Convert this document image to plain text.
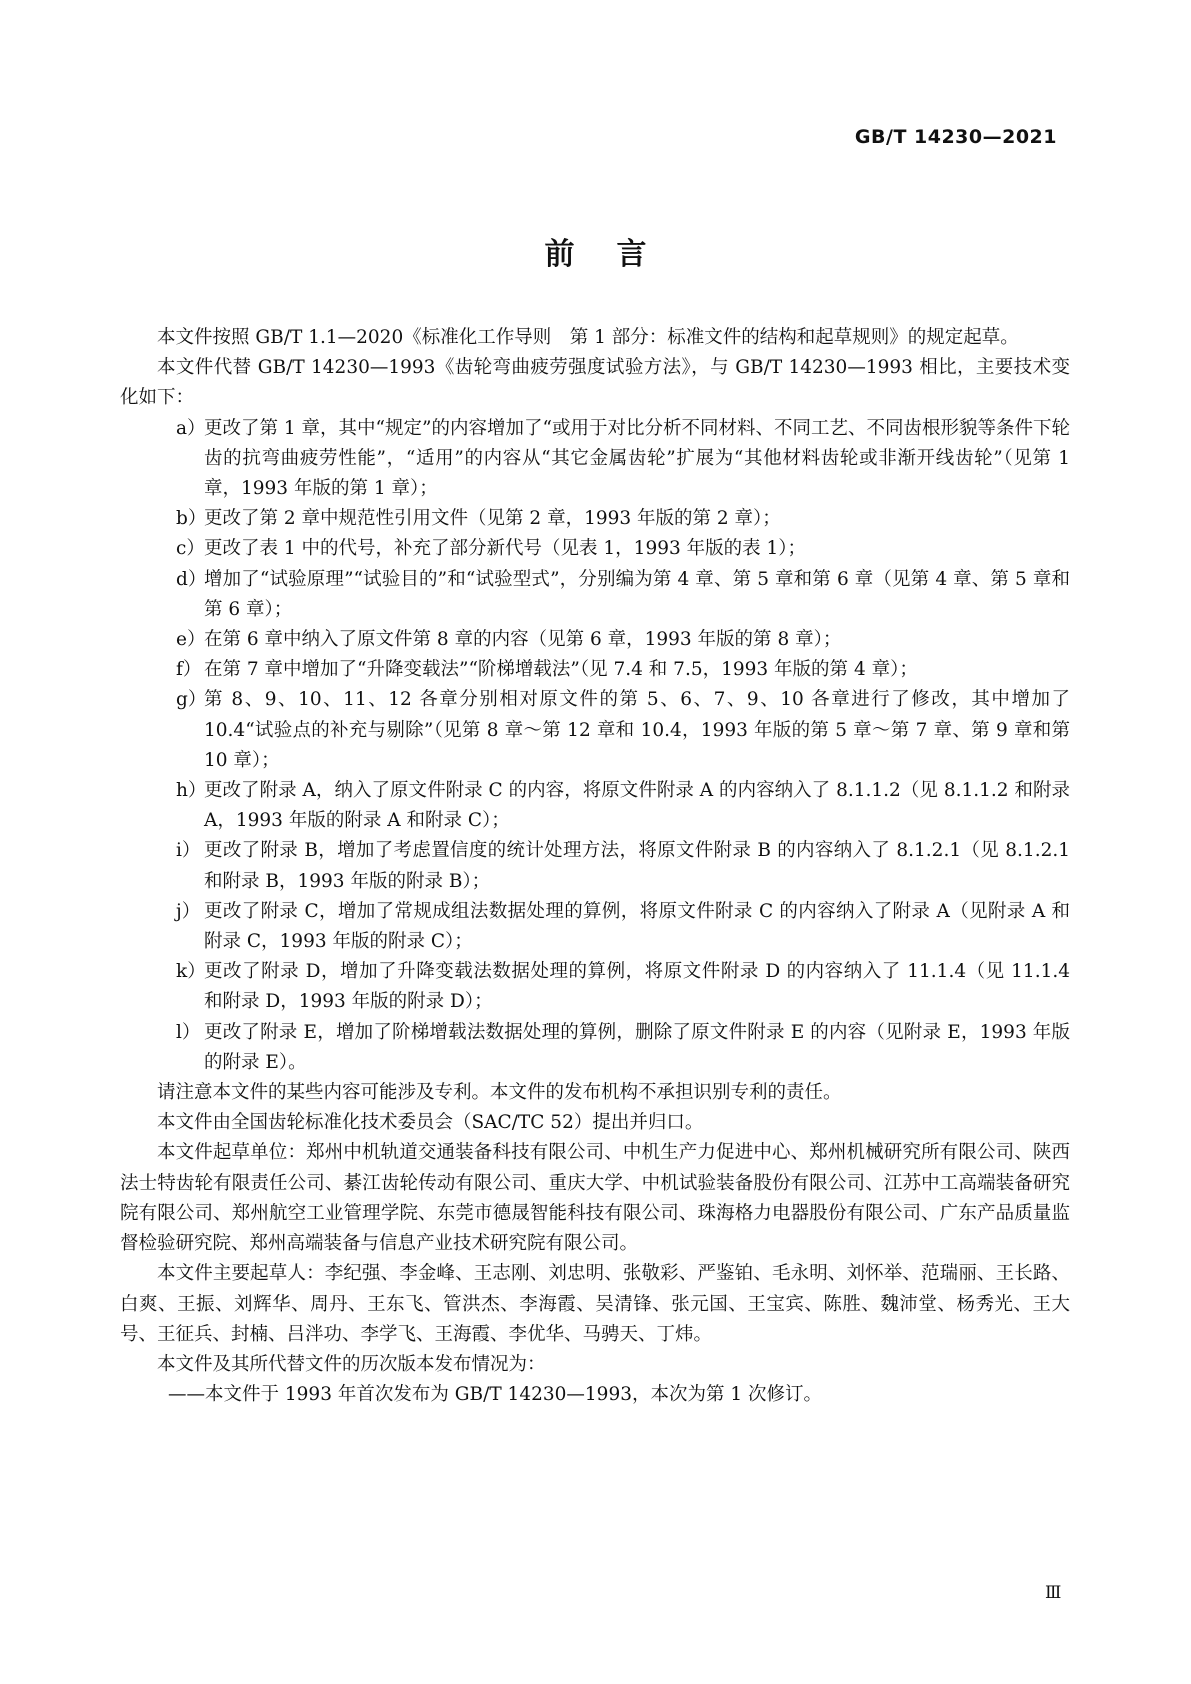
GB/T 14230—2021
前言

本文件按照 GB/T 1.1—2020《标准化工作导则　第 1 部分：标准文件的结构和起草规则》的规定起草。

本文件代替 GB/T 14230—1993《齿轮弯曲疲劳强度试验方法》，与 GB/T 14230—1993 相比，主要技术变化如下：

a）
更改了第 1 章，其中“规定”的内容增加了“或用于对比分析不同材料、不同工艺、不同齿根形貌等条件下轮齿的抗弯曲疲劳性能”，“适用”的内容从“其它金属齿轮”扩展为“其他材料齿轮或非渐开线齿轮”（见第 1 章，1993 年版的第 1 章）；
b）
更改了第 2 章中规范性引用文件（见第 2 章，1993 年版的第 2 章）；
c） 更改了表 1 中的代号，补充了部分新代号（见表 1，1993 年版的表 1）；
d）
增加了“试验原理”“试验目的”和“试验型式”，分别编为第 4 章、第 5 章和第 6 章（见第 4 章、第 5 章和第 6 章）；
e）
在第 6 章中纳入了原文件第 8 章的内容（见第 6 章，1993 年版的第 8 章）；
f） 在第 7 章中增加了“升降变载法”“阶梯增载法”（见 7.4 和 7.5，1993 年版的第 4 章）；
g）
第 8、9、10、11、12 各章分别相对原文件的第 5、6、7、9、10 各章进行了修改，其中增加了 10.4“试验点的补充与剔除”（见第 8 章～第 12 章和 10.4，1993 年版的第 5 章～第 7 章、第 9 章和第 10 章）；
h）
更改了附录 A，纳入了原文件附录 C 的内容，将原文件附录 A 的内容纳入了 8.1.1.2（见 8.1.1.2 和附录 A，1993 年版的附录 A 和附录 C）；
i） 更改了附录 B，增加了考虑置信度的统计处理方法，将原文件附录 B 的内容纳入了 8.1.2.1（见 8.1.2.1 和附录 B，1993 年版的附录 B）；
j） 更改了附录 C，增加了常规成组法数据处理的算例，将原文件附录 C 的内容纳入了附录 A（见附录 A 和附录 C，1993 年版的附录 C）；
k）
更改了附录 D，增加了升降变载法数据处理的算例，将原文件附录 D 的内容纳入了 11.1.4（见 11.1.4 和附录 D，1993 年版的附录 D）；
l） 更改了附录 E，增加了阶梯增载法数据处理的算例，删除了原文件附录 E 的内容（见附录 E，1993 年版的附录 E）。

请注意本文件的某些内容可能涉及专利。本文件的发布机构不承担识别专利的责任。

本文件由全国齿轮标准化技术委员会（SAC/TC 52）提出并归口。

本文件起草单位：郑州中机轨道交通装备科技有限公司、中机生产力促进中心、郑州机械研究所有限公司、陕西法士特齿轮有限责任公司、綦江齿轮传动有限公司、重庆大学、中机试验装备股份有限公司、江苏中工高端装备研究院有限公司、郑州航空工业管理学院、东莞市德晟智能科技有限公司、珠海格力电器股份有限公司、广东产品质量监督检验研究院、郑州高端装备与信息产业技术研究院有限公司。

本文件主要起草人：李纪强、李金峰、王志刚、刘忠明、张敬彩、严鉴铂、毛永明、刘怀举、范瑞丽、王长路、白爽、王振、刘辉华、周丹、王东飞、管洪杰、李海霞、吴清锋、张元国、王宝宾、陈胜、魏沛堂、杨秀光、王大号、王征兵、封楠、吕泮功、李学飞、王海霞、李优华、马骋天、丁炜。

本文件及其所代替文件的历次版本发布情况为：

——本文件于 1993 年首次发布为 GB/T 14230—1993，本次为第 1 次修订。

Ⅲ
